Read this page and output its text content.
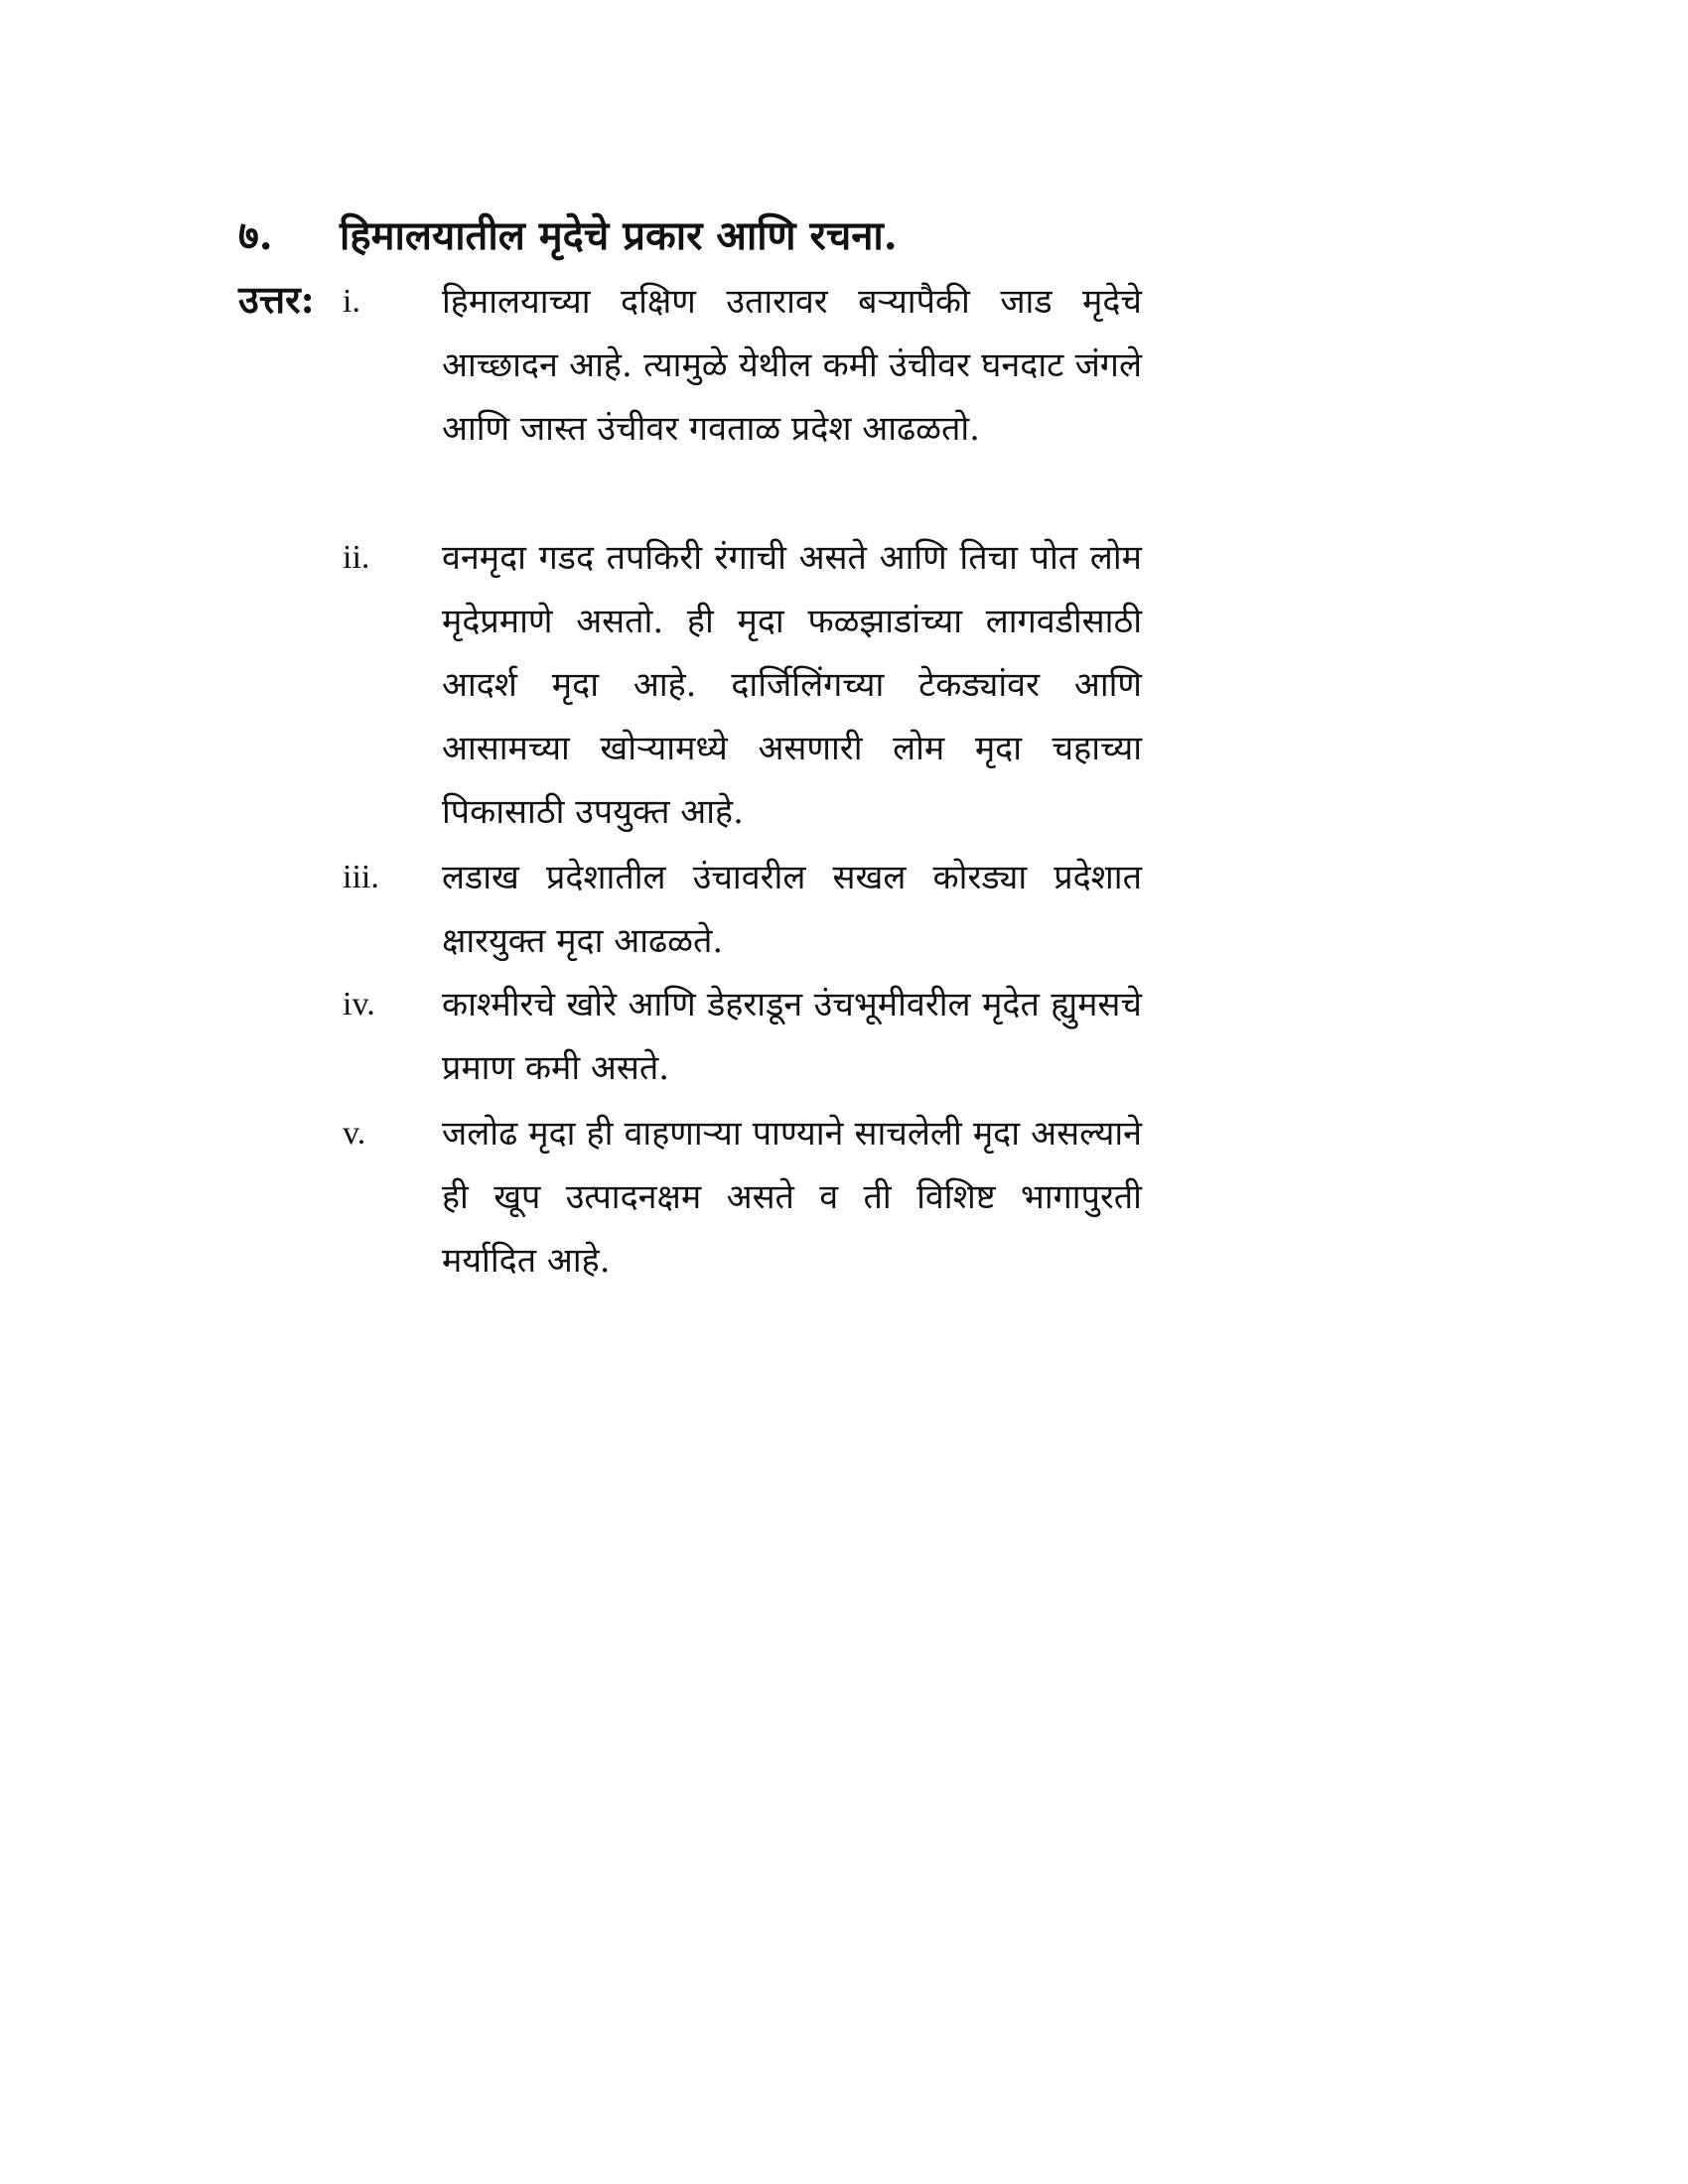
७.	हिमालयातील मृदेचे प्रकार आणि रचना.
उत्तर: i.	हिमालयाच्या दक्षिण उतारावर बऱ्यापैकी जाड मृदेचे आच्छादन आहे. त्यामुळे येथील कमी उंचीवर घनदाट जंगले आणि जास्त उंचीवर गवताळ प्रदेश आढळतो.
ii.	वनमृदा गडद तपकिरी रंगाची असते आणि तिचा पोत लोम मृदेप्रमाणे असतो. ही मृदा फळझाडांच्या लागवडीसाठी आदर्श मृदा आहे. दार्जिलिंगच्या टेकड्यांवर आणि आसामच्या खोऱ्यामध्ये असणारी लोम मृदा चहाच्या पिकासाठी उपयुक्त आहे.
iii.	लडाख प्रदेशातील उंचावरील सखल कोरड्या प्रदेशात क्षारयुक्त मृदा आढळते.
iv.	काश्मीरचे खोरे आणि डेहराडून उंचभूमीवरील मृदेत ह्युमसचे प्रमाण कमी असते.
v.	जलोढ मृदा ही वाहणाऱ्या पाण्याने साचलेली मृदा असल्याने ही खूप उत्पादनक्षम असते व ती विशिष्ट भागापुरती मर्यादित आहे.
